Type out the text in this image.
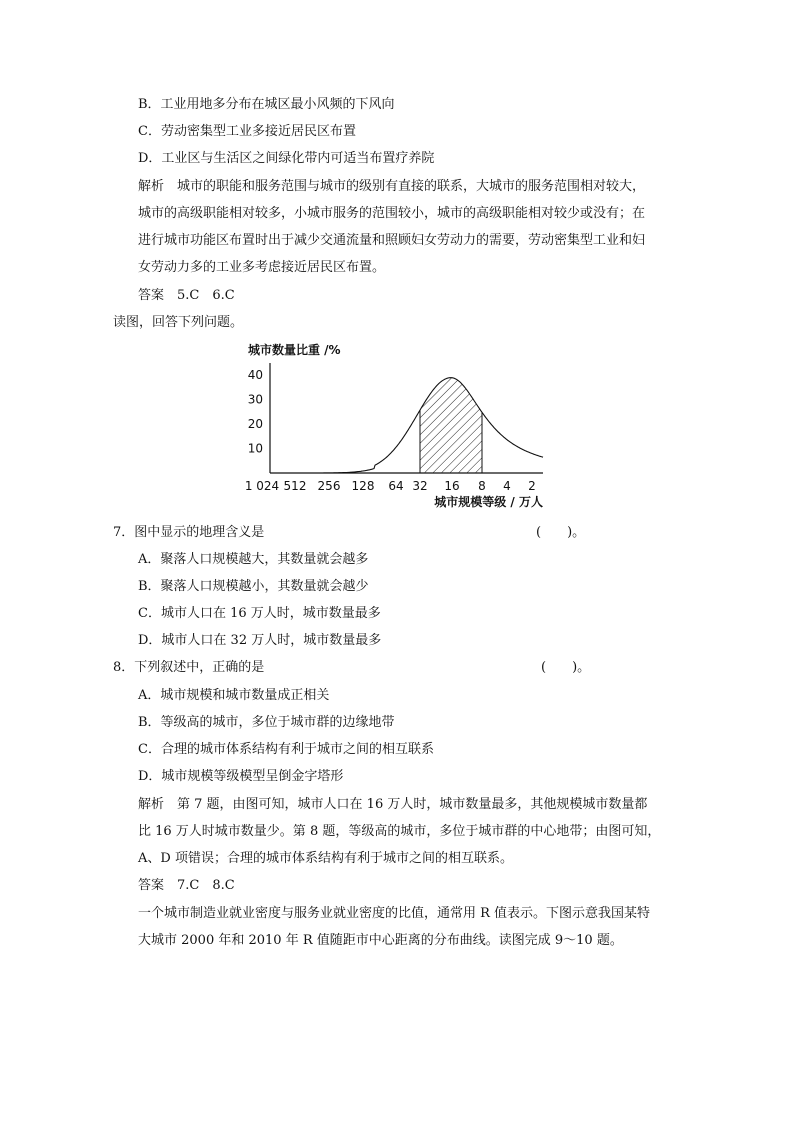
B．工业用地多分布在城区最小风频的下风向
C．劳动密集型工业多接近居民区布置
D．工业区与生活区之间绿化带内可适当布置疗养院
解析　城市的职能和服务范围与城市的级别有直接的联系，大城市的服务范围相对较大，
城市的高级职能相对较多，小城市服务的范围较小，城市的高级职能相对较少或没有；在
进行城市功能区布置时出于减少交通流量和照顾妇女劳动力的需要，劳动密集型工业和妇
女劳动力多的工业多考虑接近居民区布置。
答案　5.C　6.C
读图，回答下列问题。
城市数量比重 /%
10
20
30
40
1 024 512 256 128 64 32 16 8 4 2
城市规模等级 / 万人
7．图中显示的地理含义是	(　　)。
A．聚落人口规模越大，其数量就会越多
B．聚落人口规模越小，其数量就会越少
C．城市人口在 16 万人时，城市数量最多
D．城市人口在 32 万人时，城市数量最多
8．下列叙述中，正确的是	(　　)。
A．城市规模和城市数量成正相关
B．等级高的城市，多位于城市群的边缘地带
C．合理的城市体系结构有利于城市之间的相互联系
D．城市规模等级模型呈倒金字塔形
解析　第 7 题，由图可知，城市人口在 16 万人时，城市数量最多，其他规模城市数量都
比 16 万人时城市数量少。第 8 题，等级高的城市，多位于城市群的中心地带；由图可知，
A、D 项错误；合理的城市体系结构有利于城市之间的相互联系。
答案　7.C　8.C
一个城市制造业就业密度与服务业就业密度的比值，通常用 R 值表示。下图示意我国某特
大城市 2000 年和 2010 年 R 值随距市中心距离的分布曲线。读图完成 9～10 题。
